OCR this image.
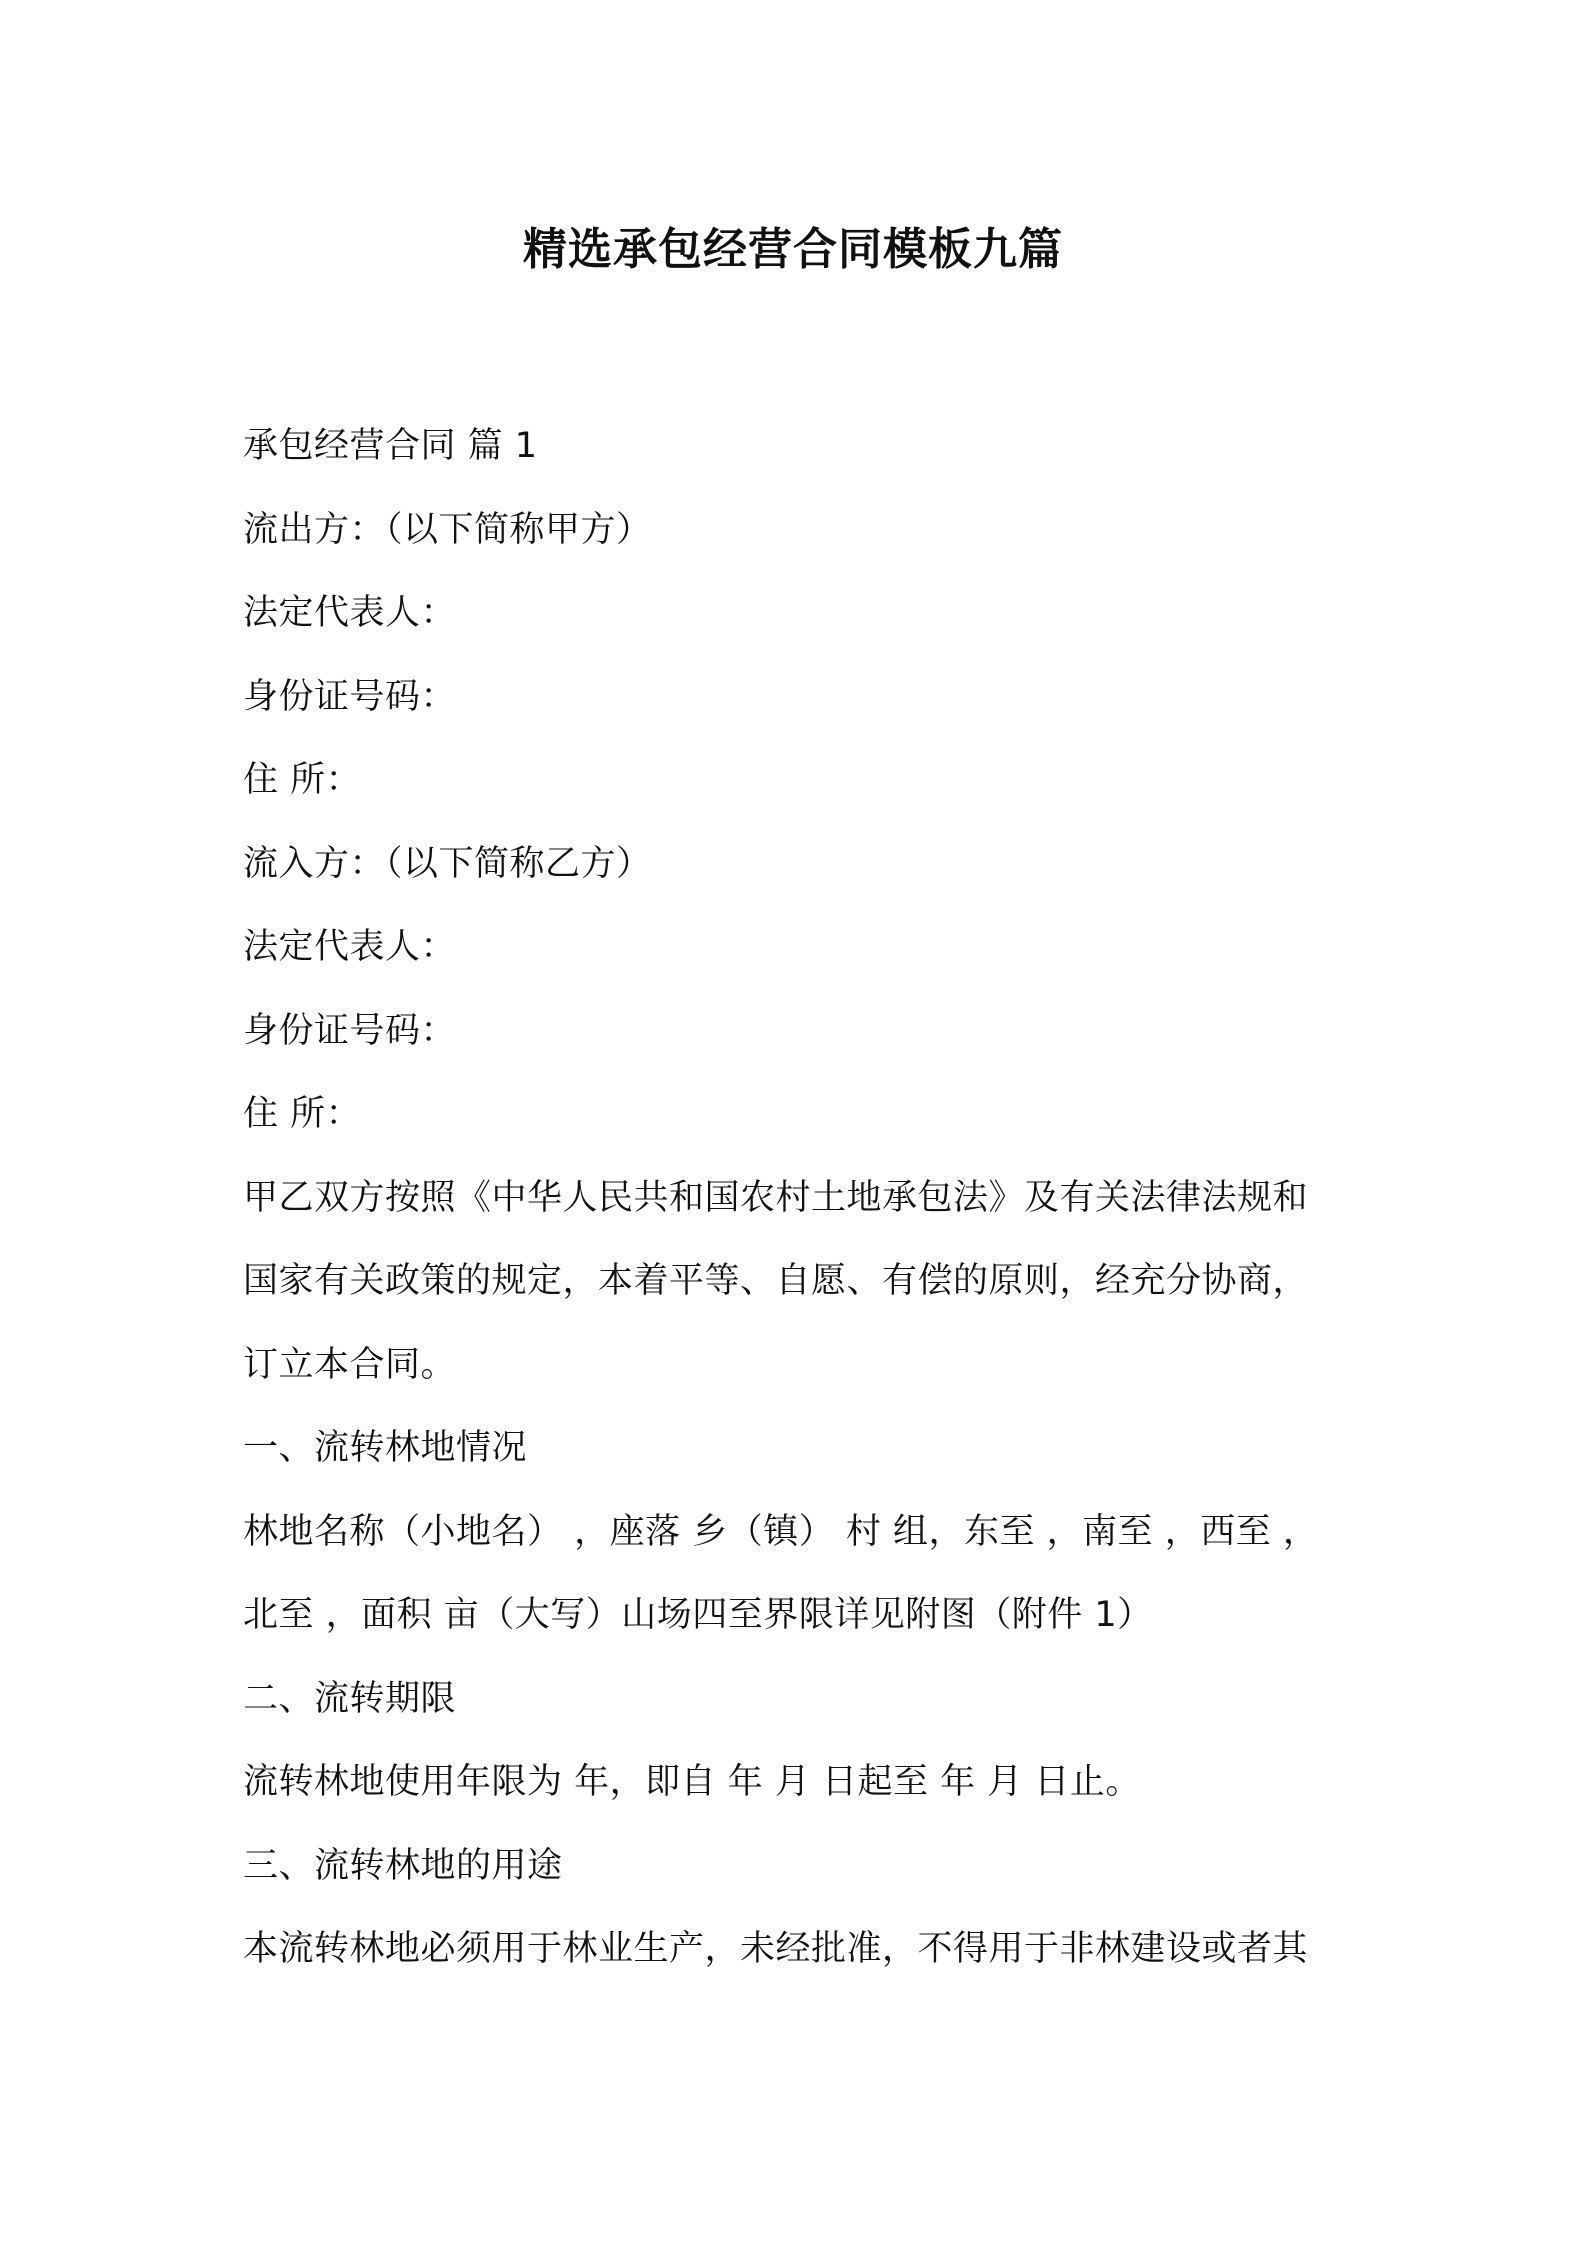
精选承包经营合同模板九篇
承包经营合同 篇 1
流出方：（以下简称甲方）
法定代表人：
身份证号码：
住 所：
流入方：（以下简称乙方）
法定代表人：
身份证号码：
住 所：
甲乙双方按照《中华人民共和国农村土地承包法》及有关法律法规和
国家有关政策的规定，本着平等、自愿、有偿的原则，经充分协商，
订立本合同。
一、流转林地情况
林地名称（小地名） ，座落 乡（镇） 村 组，东至 ，南至 ，西至 ，
北至 ，面积 亩（大写）山场四至界限详见附图（附件 1）
二、流转期限
流转林地使用年限为 年，即自 年 月 日起至 年 月 日止。
三、流转林地的用途
本流转林地必须用于林业生产，未经批准，不得用于非林建设或者其
